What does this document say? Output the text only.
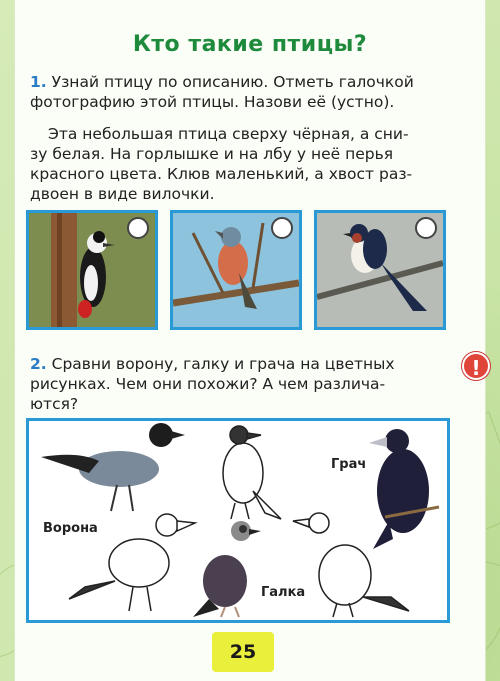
Кто такие птицы?
1. Узнай птицу по описанию. Отметь галочкой
фотографию этой птицы. Назови её (устно).
Эта небольшая птица сверху чёрная, а сни-
зу белая. На горлышке и на лбу у неё перья
красного цвета. Клюв маленький, а хвост раз-
двоен в виде вилочки.
2. Сравни ворону, галку и грача на цветных
рисунках. Чем они похожи? А чем различа-
ются?
!
Грач
Ворона
Галка
25
